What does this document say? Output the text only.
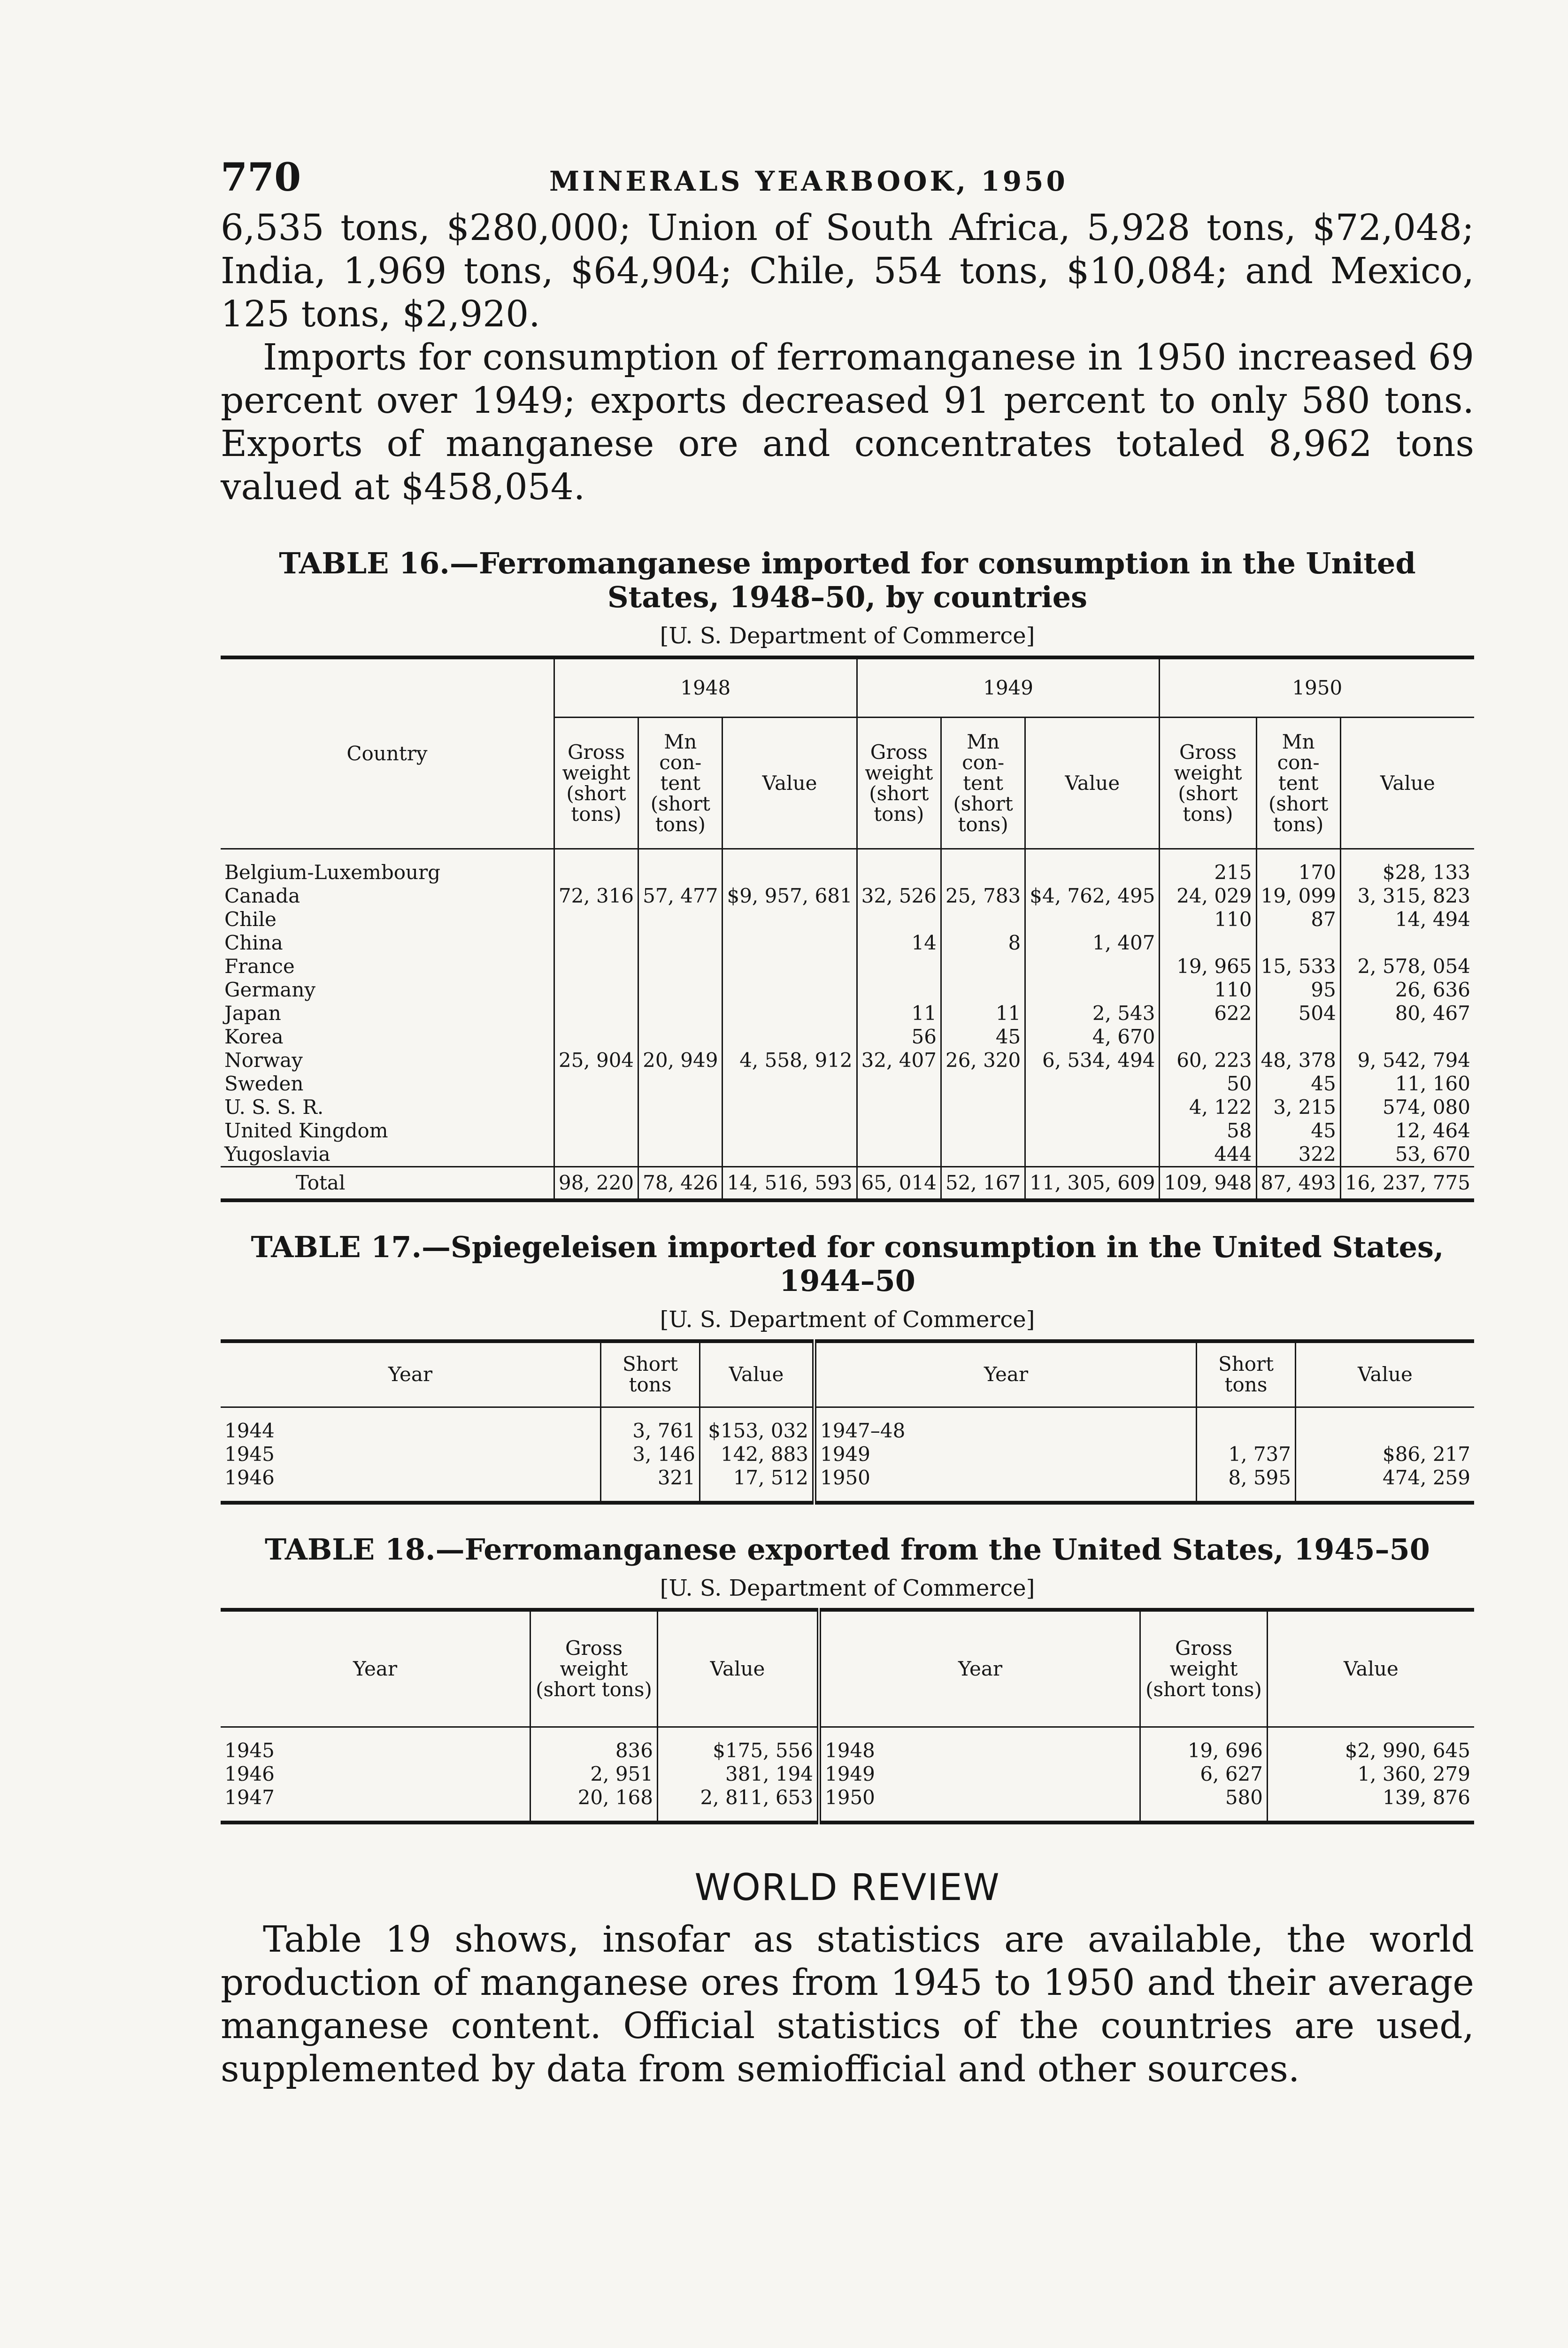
770	MINERALS YEARBOOK, 1950

6,535 tons, $280,000; Union of South Africa, 5,928 tons, $72,048; India, 1,969 tons, $64,904; Chile, 554 tons, $10,084; and Mexico, 125 tons, $2,920.

Imports for consumption of ferromanganese in 1950 increased 69 percent over 1949; exports decreased 91 percent to only 580 tons. Exports of manganese ore and concentrates totaled 8,962 tons valued at $458,054.

TABLE 16.—Ferromanganese imported for consumption in the United States, 1948–50, by countries
[U. S. Department of Commerce]
Country	1948			1949			1950		
	Gross weight (short tons)	Mn con-tent (short tons)	Value	Gross weight (short tons)	Mn con-tent (short tons)	Value	Gross weight (short tons)	Mn con-tent (short tons)	Value

Belgium-Luxembourg							215	170	$28, 133
Canada	72, 316	57, 477	$9, 957, 681	32, 526	25, 783	$4, 762, 495	24, 029	19, 099	3, 315, 823
Chile							110	87	14, 494
China				14	8	1, 407			
France							19, 965	15, 533	2, 578, 054
Germany							110	95	26, 636
Japan				11	11	2, 543	622	504	80, 467
Korea				56	45	4, 670			
Norway	25, 904	20, 949	4, 558, 912	32, 407	26, 320	6, 534, 494	60, 223	48, 378	9, 542, 794
Sweden							50	45	11, 160
U. S. S. R.							4, 122	3, 215	574, 080
United Kingdom							58	45	12, 464
Yugoslavia							444	322	53, 670
Total	98, 220	78, 426	14, 516, 593	65, 014	52, 167	11, 305, 609	109, 948	87, 493	16, 237, 775
TABLE 17.—Spiegeleisen imported for consumption in the United States, 1944–50
[U. S. Department of Commerce]
Year	Short tons	Value	Year	Short tons	Value

1944	3, 761	$153, 032	1947–48		
1945	3, 146	142, 883	1949	1, 737	$86, 217
1946	321	17, 512	1950	8, 595	474, 259

TABLE 18.—Ferromanganese exported from the United States, 1945–50
[U. S. Department of Commerce]
Year	Gross weight (short tons)	Value	Year	Gross weight (short tons)	Value

1945	836	$175, 556	1948	19, 696	$2, 990, 645
1946	2, 951	381, 194	1949	6, 627	1, 360, 279
1947	20, 168	2, 811, 653	1950	580	139, 876

WORLD REVIEW

Table 19 shows, insofar as statistics are available, the world production of manganese ores from 1945 to 1950 and their average manganese content. Official statistics of the countries are used, supplemented by data from semiofficial and other sources.
